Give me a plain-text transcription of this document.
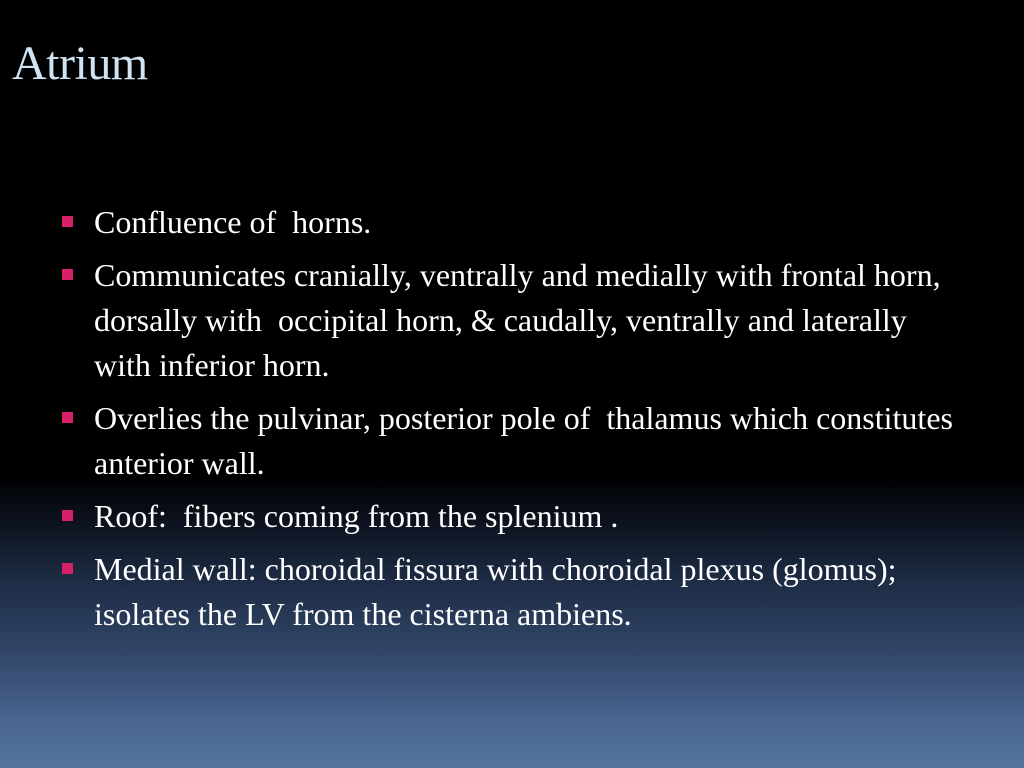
Atrium
Confluence of  horns.
Communicates cranially, ventrally and medially with frontal horn, dorsally with  occipital horn, & caudally, ventrally and laterally with inferior horn.
Overlies the pulvinar, posterior pole of  thalamus which constitutes anterior wall.
Roof:  fibers coming from the splenium .
Medial wall: choroidal fissura with choroidal plexus (glomus);  isolates the LV from the cisterna ambiens.
